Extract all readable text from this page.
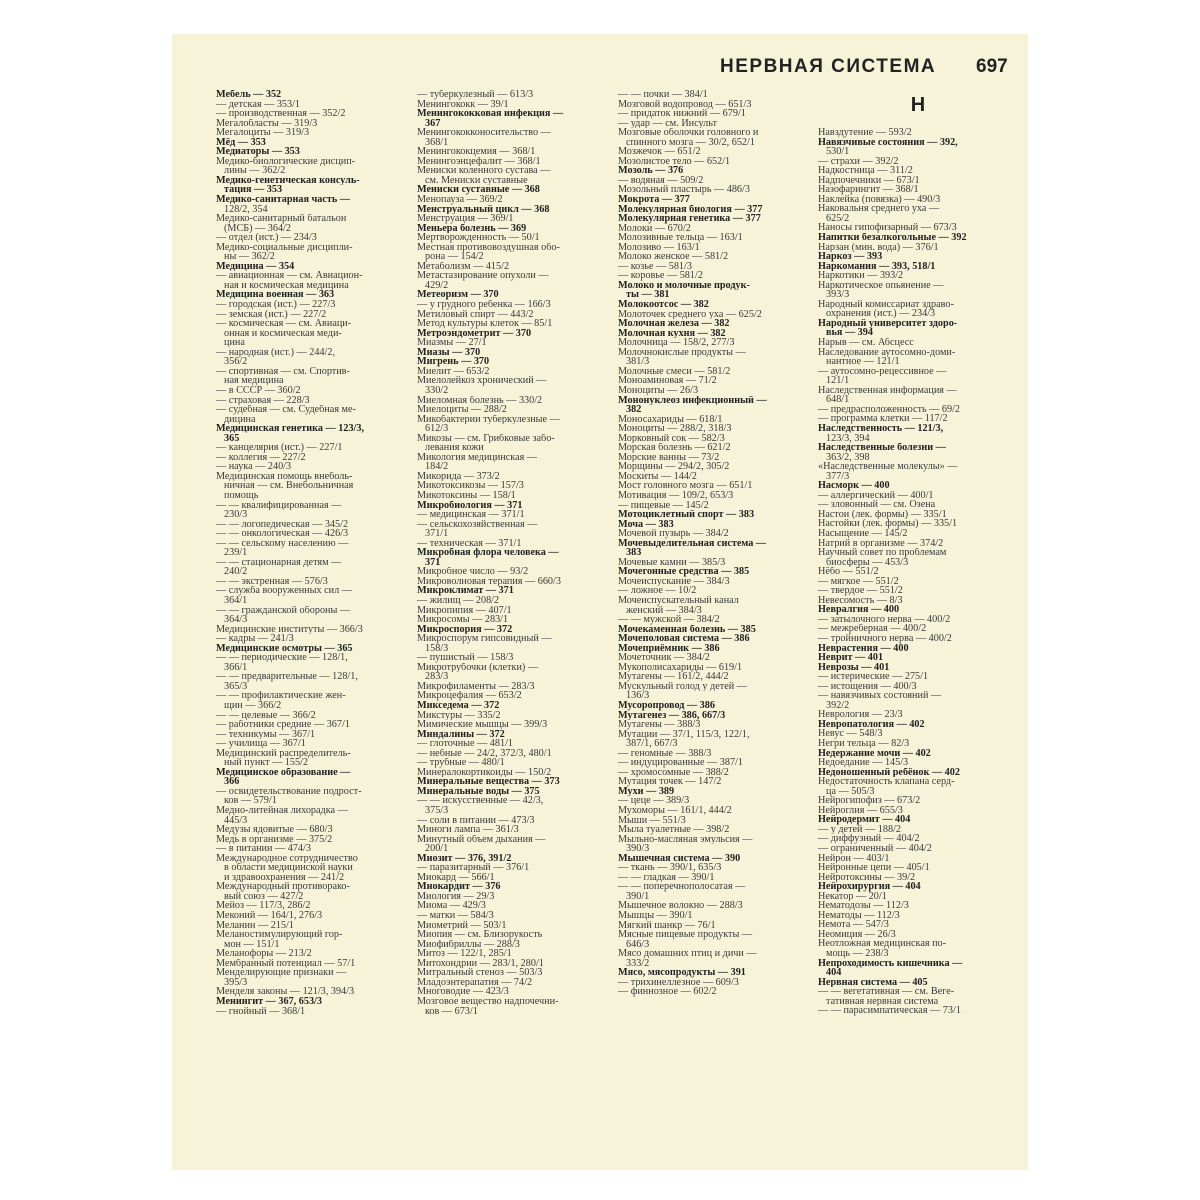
НЕРВНАЯ СИСТЕМА 697
Мебель — 352
— детская — 353/1
— производственная — 352/2
Мегалобласты — 319/3
Мегалоциты — 319/3
Мёд — 353
Медиаторы — 353
Медико-биологические дисцип-
лины — 362/2
Медико-генетическая консуль-
тация — 353
Медико-санитарная часть —
128/2, 354
Медико-санитарный батальон
(МСБ) — 364/2
— отдел (ист.) — 234/3
Медико-социальные дисципли-
ны — 362/2
Медицина — 354
— авиационная — см. Авиацион-
ная и космическая медицина
Медицина военная — 363
— городская (ист.) — 227/3
— земская (ист.) — 227/2
— космическая — см. Авиаци-
онная и космическая меди-
цина
— народная (ист.) — 244/2,
356/2
— спортивная — см. Спортив-
ная медицина
— в СССР — 360/2
— страховая — 228/3
— судебная — см. Судебная ме-
дицина
Медицинская генетика — 123/3,
365
— канцелярия (ист.) — 227/1
— коллегия — 227/2
— наука — 240/3
Медицинская помощь внеболь-
ничная — см. Внебольничная
помощь
— — квалифицированная —
230/3
— — логопедическая — 345/2
— — онкологическая — 426/3
— — сельскому населению —
239/1
— — стационарная детям —
240/2
— — экстренная — 576/3
— служба вооруженных сил —
364/1
— — гражданской обороны —
364/3
Медицинские институты — 366/3
— кадры — 241/3
Медицинские осмотры — 365
— — периодические — 128/1,
366/1
— — предварительные — 128/1,
365/3
— — профилактические жен-
щин — 366/2
— — целевые — 366/2
— работники средние — 367/1
— техникумы — 367/1
— училища — 367/1
Медицинский распределитель-
ный пункт — 155/2
Медицинское образование —
366
— освидетельствование подрост-
ков — 579/1
Медно-литейная лихорадка —
445/3
Медузы ядовитые — 680/3
Медь в организме — 375/2
— в питании — 474/3
Международное сотрудничество
в области медицинской науки
и здравоохранения — 241/2
Международный противорако-
вый союз — 427/2
Мейоз — 117/3, 286/2
Меконий — 164/1, 276/3
Меланин — 215/1
Меланостимулирующий гор-
мон — 151/1
Меланофоры — 213/2
Мембранный потенциал — 57/1
Менделирующие признаки —
395/3
Менделя законы — 121/3, 394/3
Менингит — 367, 653/3
— гнойный — 368/1
— туберкулезный — 613/3
Менингококк — 39/1
Менингококковая инфекция —
367
Менингококконосительство —
368/1
Менингококцемия — 368/1
Менингоэнцефалит — 368/1
Мениски коленного сустава —
см. Мениски суставные
Мениски суставные — 368
Менопауза — 369/2
Менструальный цикл — 368
Менструация — 369/1
Меньера болезнь — 369
Мертворожденность — 50/1
Местная противовоздушная обо-
рона — 154/2
Метаболизм — 415/2
Метастазирование опухоли —
429/2
Метеоризм — 370
— у грудного ребенка — 166/3
Метиловый спирт — 443/2
Метод культуры клеток — 85/1
Метроэндометрит — 370
Миазмы — 27/1
Миазы — 370
Мигрень — 370
Миелит — 653/2
Миелолейкоз хронический —
330/2
Миеломная болезнь — 330/2
Миелоциты — 288/2
Микобактерии туберкулезные —
612/3
Микозы — см. Грибковые забо-
левания кожи
Микология медицинская —
184/2
Микорида — 373/2
Микотоксикозы — 157/3
Микотоксины — 158/1
Микробиология — 371
— медицинская — 371/1
— сельскохозяйственная —
371/1
— техническая — 371/1
Микробная флора человека —
371
Микробное число — 93/2
Микроволновая терапия — 660/3
Микроклимат — 371
— жилищ — 208/2
Микропипия — 407/1
Микросомы — 283/1
Микроспория — 372
Микроспорум гипсовидный —
158/3
— пушистый — 158/3
Микротрубочки (клетки) —
283/3
Микрофиламенты — 283/3
Микроцефалия — 653/2
Микседема — 372
Микстуры — 335/2
Мимические мышцы — 399/3
Миндалины — 372
— глоточные — 481/1
— небные — 24/2, 372/3, 480/1
— трубные — 480/1
Минералокортикоиды — 150/2
Минеральные вещества — 373
Минеральные воды — 375
— — искусственные — 42/3,
375/3
— соли в питании — 473/3
Миноги лампа — 361/3
Минутный объем дыхания —
200/1
Миозит — 376, 391/2
— паразитарный — 376/1
Миокард — 566/1
Миокардит — 376
Миология — 29/3
Миома — 429/3
— матки — 584/3
Миометрий — 503/1
Миопия — см. Близорукость
Миофибриллы — 288/3
Митоз — 122/1, 285/1
Митохондрии — 283/1, 280/1
Митральный стеноз — 503/3
Младоэнтерапатия — 74/2
Многоводие — 423/3
Мозговое вещество надпочечни-
ков — 673/1
— — почки — 384/1
Мозговой водопровод — 651/3
— придаток нижний — 679/1
— удар — см. Инсульт
Мозговые оболочки головного и
спинного мозга — 30/2, 652/1
Мозжечок — 651/2
Мозолистое тело — 652/1
Мозоль — 376
— водяная — 509/2
Мозольный пластырь — 486/3
Мокрота — 377
Молекулярная биология — 377
Молекулярная генетика — 377
Молоки — 670/2
Молозивные тельца — 163/1
Молозиво — 163/1
Молоко женское — 581/2
— козье — 581/3
— коровье — 581/2
Молоко и молочные продук-
ты — 381
Молокоотсос — 382
Молоточек среднего уха — 625/2
Молочная железа — 382
Молочная кухня — 382
Молочница — 158/2, 277/3
Молочнокислые продукты —
381/3
Молочные смеси — 581/2
Моноаминовая — 71/2
Моноциты — 26/3
Мононуклеоз инфекционный —
382
Моносахариды — 618/1
Моноциты — 288/2, 318/3
Морковный сок — 582/3
Морская болезнь — 621/2
Морские ванны — 73/2
Морщины — 294/2, 305/2
Москиты — 144/2
Мост головного мозга — 651/1
Мотивация — 109/2, 653/3
— пищевые — 145/2
Мотоциклетный спорт — 383
Моча — 383
Мочевой пузырь — 384/2
Мочевыделительная система —
383
Мочевые камни — 385/3
Мочегонные средства — 385
Мочеиспускание — 384/3
— ложное — 10/2
Мочеиспускательный канал
женский — 384/3
— — мужской — 384/2
Мочекаменная болезнь — 385
Мочеполовая система — 386
Мочеприёмник — 386
Мочеточник — 384/2
Мукополисахариды — 619/1
Мутагены — 161/2, 444/2
Мускульный голод у детей —
136/3
Мусоропровод — 386
Мутагенез — 386, 667/3
Мутагены — 388/3
Мутации — 37/1, 115/3, 122/1,
387/1, 667/3
— геномные — 388/3
— индуцированные — 387/1
— хромосомные — 388/2
Мутация точек — 147/2
Мухи — 389
— цеце — 389/3
Мухоморы — 161/1, 444/2
Мыши — 551/3
Мыла туалетные — 398/2
Мыльно-масляная эмульсия —
390/3
Мышечная система — 390
— ткань — 390/1, 635/3
— — гладкая — 390/1
— — поперечнополосатая —
390/1
Мышечное волокно — 288/3
Мышцы — 390/1
Мягкий шанкр — 76/1
Мясные пищевые продукты —
646/3
Мясо домашних птиц и дичи —
333/2
Мясо, мясопродукты — 391
— трихинеллезное — 609/3
— финнозное — 602/2
Н
Навздутение — 593/2
Навязчивые состояния — 392,
530/1
— страхи — 392/2
Надкостница — 311/2
Надпочечники — 673/1
Назофарингит — 368/1
Наклейка (повязка) — 490/3
Наковальня среднего уха —
625/2
Наносы гипофизарный — 673/3
Напитки безалкогольные — 392
Нарзан (мин. вода) — 376/1
Наркоз — 393
Наркомания — 393, 518/1
Наркотики — 393/2
Наркотическое опьянение —
393/3
Народный комиссариат здраво-
охранения (ист.) — 234/3
Народный университет здоро-
вья — 394
Нарыв — см. Абсцесс
Наследование аутосомно-доми-
нантное — 121/1
— аутосомно-рецессивное —
121/1
Наследственная информация —
648/1
— предрасположенность — 69/2
— программа клетки — 117/2
Наследственность — 121/3,
123/3, 394
Наследственные болезни —
363/2, 398
«Наследственные молекулы» —
377/3
Насморк — 400
— аллергический — 400/1
— зловонный — см. Озена
Настои (лек. формы) — 335/1
Настойки (лек. формы) — 335/1
Насыщение — 145/2
Натрий в организме — 374/2
Научный совет по проблемам
биосферы — 453/3
Нёбо — 551/2
— мягкое — 551/2
— твердое — 551/2
Невесомость — 8/3
Невралгия — 400
— затылочного нерва — 400/2
— межреберная — 400/2
— тройничного нерва — 400/2
Неврастения — 400
Неврит — 401
Неврозы — 401
— истерические — 275/1
— истощения — 400/3
— навязчивых состояний —
392/2
Неврология — 23/3
Невропатология — 402
Невус — 548/3
Негри тельца — 82/3
Недержание мочи — 402
Недоедание — 145/3
Недоношенный ребёнок — 402
Недостаточность клапана серд-
ца — 505/3
Нейрогипофиз — 673/2
Нейроглия — 655/3
Нейродермит — 404
— у детей — 188/2
— диффузный — 404/2
— ограниченный — 404/2
Нейрон — 403/1
Нейронные цепи — 405/1
Нейротоксины — 39/2
Нейрохирургия — 404
Некатор — 20/1
Нематодозы — 112/3
Нематоды — 112/3
Немота — 547/3
Неомиция — 26/3
Неотложная медицинская по-
мощь — 238/3
Непроходимость кишечника —
404
Нервная система — 405
— — вегетативная — см. Веге-
тативная нервная система
— — парасимпатическая — 73/1
